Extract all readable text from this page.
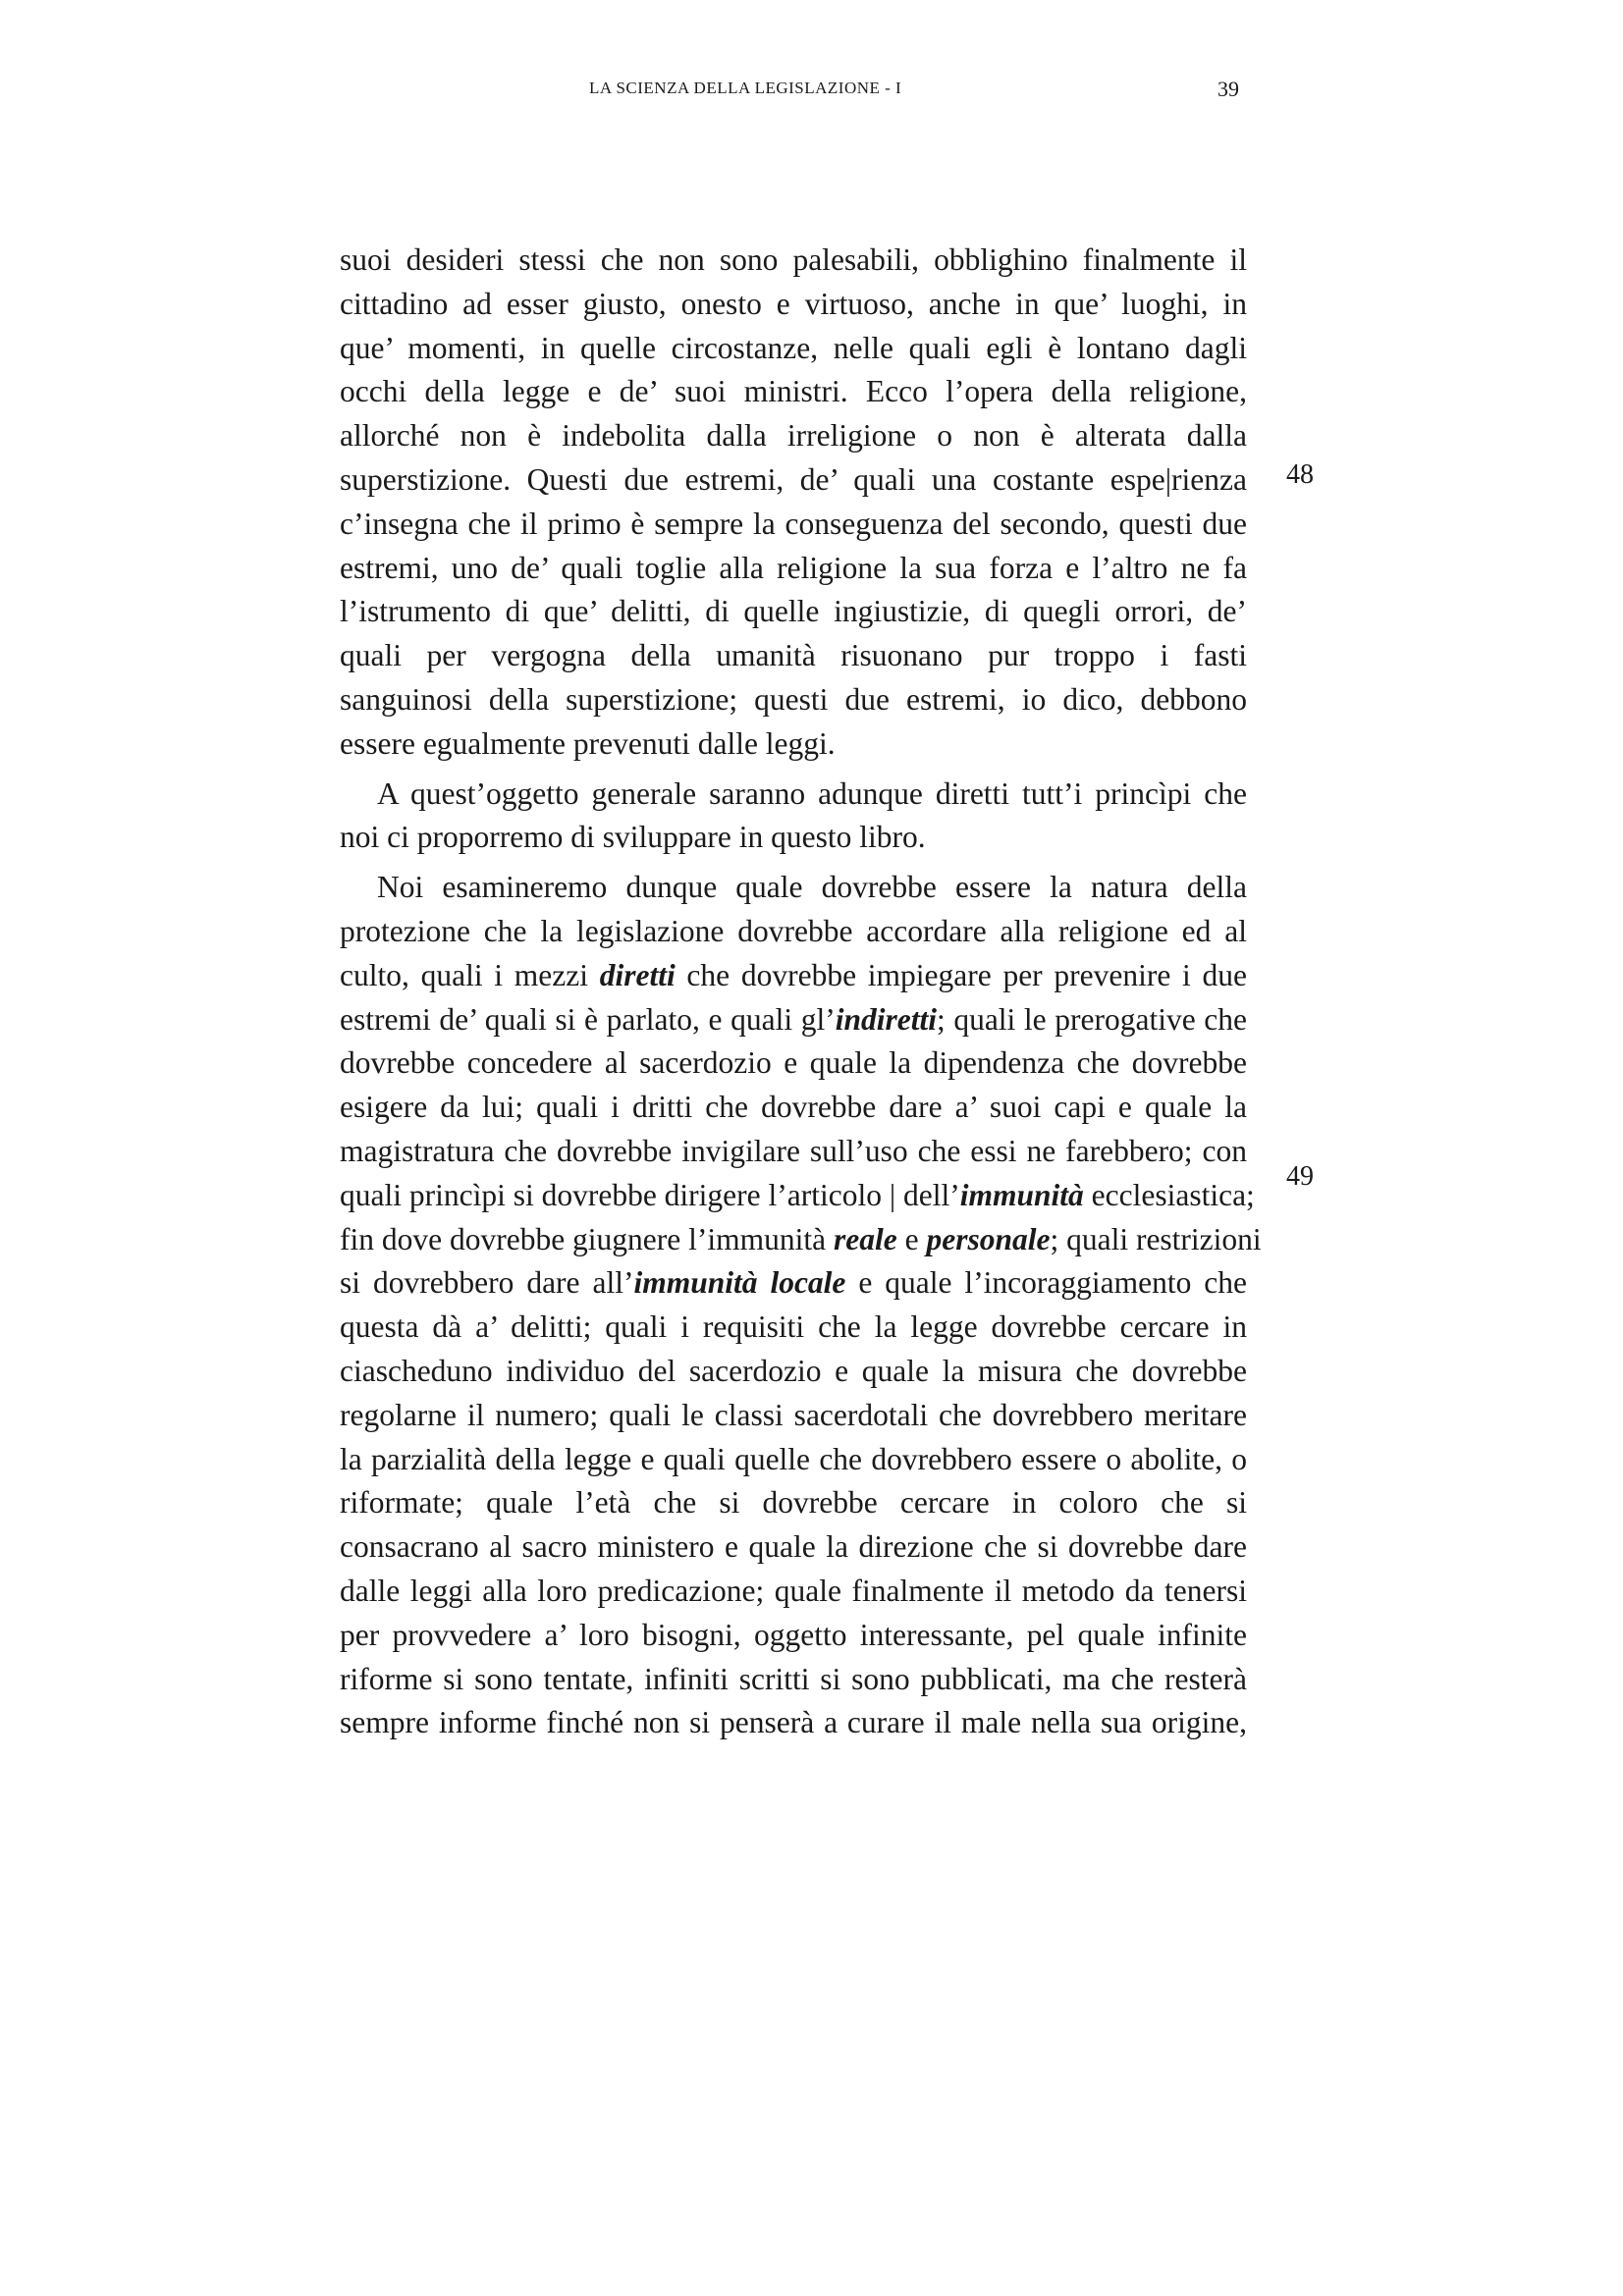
LA SCIENZA DELLA LEGISLAZIONE - I	39
48
49
suoi desideri stessi che non sono palesabili, obblighino finalmente il
cittadino ad esser giusto, onesto e virtuoso, anche in que’ luoghi, in
que’ momenti, in quelle circostanze, nelle quali egli è lontano dagli
occhi della legge e de’ suoi ministri. Ecco l’opera della religione,
allorché non è indebolita dalla irreligione o non è alterata dalla
superstizione. Questi due estremi, de’ quali una costante espe|rienza
c’insegna che il primo è sempre la conseguenza del secondo, questi due
estremi, uno de’ quali toglie alla religione la sua forza e l’altro ne fa
l’istrumento di que’ delitti, di quelle ingiustizie, di quegli orrori, de’
quali per vergogna della umanità risuonano pur troppo i fasti
sanguinosi della superstizione; questi due estremi, io dico, debbono
essere egualmente prevenuti dalle leggi.
A quest’oggetto generale saranno adunque diretti tutt’i princìpi che
noi ci proporremo di sviluppare in questo libro.
Noi esamineremo dunque quale dovrebbe essere la natura della
protezione che la legislazione dovrebbe accordare alla religione ed al
culto, quali i mezzi diretti che dovrebbe impiegare per prevenire i due
estremi de’ quali si è parlato, e quali gl’indiretti; quali le prerogative che
dovrebbe concedere al sacerdozio e quale la dipendenza che dovrebbe
esigere da lui; quali i dritti che dovrebbe dare a’ suoi capi e quale la
magistratura che dovrebbe invigilare sull’uso che essi ne farebbero; con
quali princìpi si dovrebbe dirigere l’articolo | dell’immunità ecclesiastica;
fin dove dovrebbe giugnere l’immunità reale e personale; quali restrizioni
si dovrebbero dare all’immunità locale e quale l’incoraggiamento che
questa dà a’ delitti; quali i requisiti che la legge dovrebbe cercare in
ciascheduno individuo del sacerdozio e quale la misura che dovrebbe
regolarne il numero; quali le classi sacerdotali che dovrebbero meritare
la parzialità della legge e quali quelle che dovrebbero essere o abolite, o
riformate; quale l’età che si dovrebbe cercare in coloro che si
consacrano al sacro ministero e quale la direzione che si dovrebbe dare
dalle leggi alla loro predicazione; quale finalmente il metodo da tenersi
per provvedere a’ loro bisogni, oggetto interessante, pel quale infinite
riforme si sono tentate, infiniti scritti si sono pubblicati, ma che resterà
sempre informe finché non si penserà a curare il male nella sua origine,
